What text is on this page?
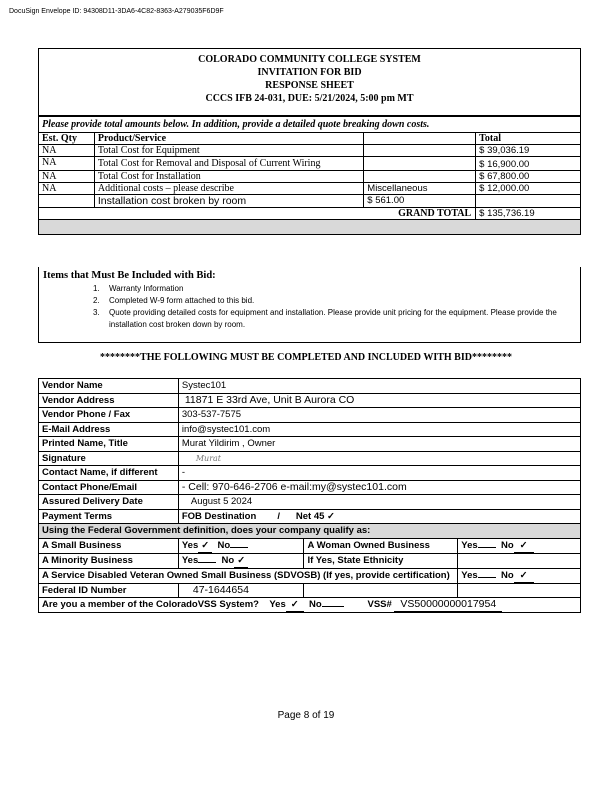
DocuSign Envelope ID: 94308D11-3DA6-4C82-8363-A279035F6D9F
COLORADO COMMUNITY COLLEGE SYSTEM
INVITATION FOR BID
RESPONSE SHEET
CCCS IFB 24-031, DUE: 5/21/2024, 5:00 pm MT
Please provide total amounts below. In addition, provide a detailed quote breaking down costs.			
Est. Qty	Product/Service		Total
NA	Total Cost for Equipment		$ 39,036.19
NA	Total Cost for Removal and Disposal of Current Wiring		$ 16,900.00
NA	Total Cost for Installation		$ 67,800.00
NA	Additional costs – please describe	Miscellaneous	$ 12,000.00
	Installation cost broken by room	$ 561.00	
GRAND TOTAL			$ 135,736.19

Items that Must Be Included with Bid:
1. Warranty Information
2. Completed W-9 form attached to this bid.
3. Quote providing detailed costs for equipment and installation. Please provide unit pricing for the equipment. Please provide the installation cost broken down by room.
********THE FOLLOWING MUST BE COMPLETED AND INCLUDED WITH BID********
Vendor Name	Systec101		
Vendor Address	11871 E 33rd Ave, Unit B Aurora CO		
Vendor Phone / Fax	303-537-7575		
E-Mail Address	info@systec101.com		
Printed Name, Title	Murat Yildirim , Owner		
Signature	Murat		
Contact Name, if different	-		
Contact Phone/Email	- Cell: 970-646-2706 e-mail:my@systec101.com		
Assured Delivery Date	August 5 2024		
Payment Terms	FOB Destination / Net 45 ✓		
Using the Federal Government definition, does your company qualify as:			
A Small Business	Yes ✓ No	A Woman Owned Business	Yes No ✓
A Minority Business	Yes No ✓	If Yes, State Ethnicity	
A Service Disabled Veteran Owned Small Business (SDVOSB) (If yes, provide certification)			Yes No ✓
Federal ID Number	47-1644654		
Are you a member of the ColoradoVSS System? Yes ✓ No VSS# VS50000000017954			
Page 8 of 19
